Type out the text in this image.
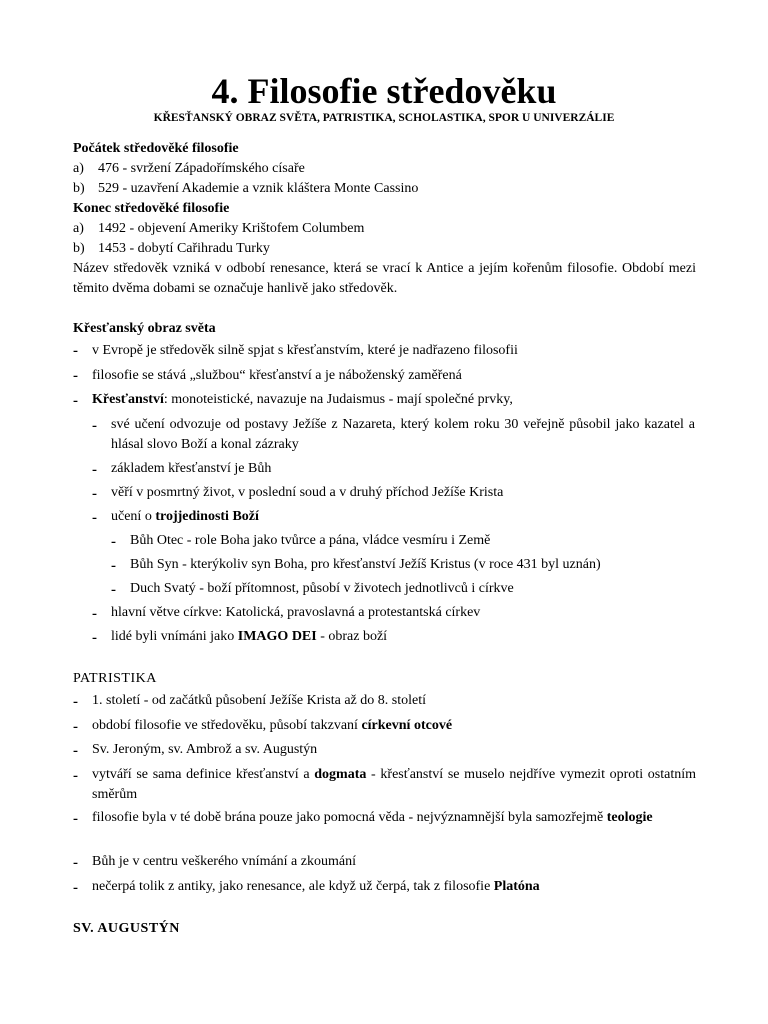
4. Filosofie středověku
KŘESŤANSKÝ OBRAZ SVĚTA, PATRISTIKA, SCHOLASTIKA, SPOR U UNIVERZÁLIE
Počátek středověké filosofie
a) 476 - svržení Západořímského císaře
b) 529 - uzavření Akademie a vznik kláštera Monte Cassino
Konec středověké filosofie
a) 1492 - objevení Ameriky Krištofem Columbem
b) 1453 - dobytí Cařihradu Turky
Název středověk vzniká v odbobí renesance, která se vrací k Antice a jejím kořenům filosofie. Období mezi těmito dvěma dobami se označuje hanlivě jako středověk.
Křesťanský obraz světa
- v Evropě je středověk silně spjat s křesťanstvím, které je nadřazeno filosofii
- filosofie se stává „službou“ křesťanství a je náboženský zaměřená
- Křesťanství: monoteistické, navazuje na Judaismus - mají společné prvky,
- své učení odvozuje od postavy Ježíše z Nazareta, který kolem roku 30 veřejně působil jako kazatel a hlásal slovo Boží a konal zázraky
- základem křesťanství je Bůh
- věří v posmrtný život, v poslední soud a v druhý příchod Ježíše Krista
- učení o trojjedinosti Boží
- Bůh Otec - role Boha jako tvůrce a pána, vládce vesmíru i Země
- Bůh Syn - kterýkoliv syn Boha, pro křesťanství Ježíš Kristus (v roce 431 byl uznán)
- Duch Svatý - boží přítomnost, působí v životech jednotlivců i církve
- hlavní větve církve: Katolická, pravoslavná a protestantská církev
- lidé byli vnímáni jako IMAGO DEI - obraz boží
PATRISTIKA
- 1. století - od začátků působení Ježíše Krista až do 8. století
- období filosofie ve středověku, působí takzvaní církevní otcové
- Sv. Jeroným, sv. Ambrož a sv. Augustýn
- vytváří se sama definice křesťanství a dogmata - křesťanství se muselo nejdříve vymezit oproti ostatním směrům
- filosofie byla v té době brána pouze jako pomocná věda - nejvýznamnější byla samozřejmě teologie
- Bůh je v centru veškerého vnímání a zkoumání
- nečerpá tolik z antiky, jako renesance, ale když už čerpá, tak z filosofie Platóna
SV. AUGUSTÝN
